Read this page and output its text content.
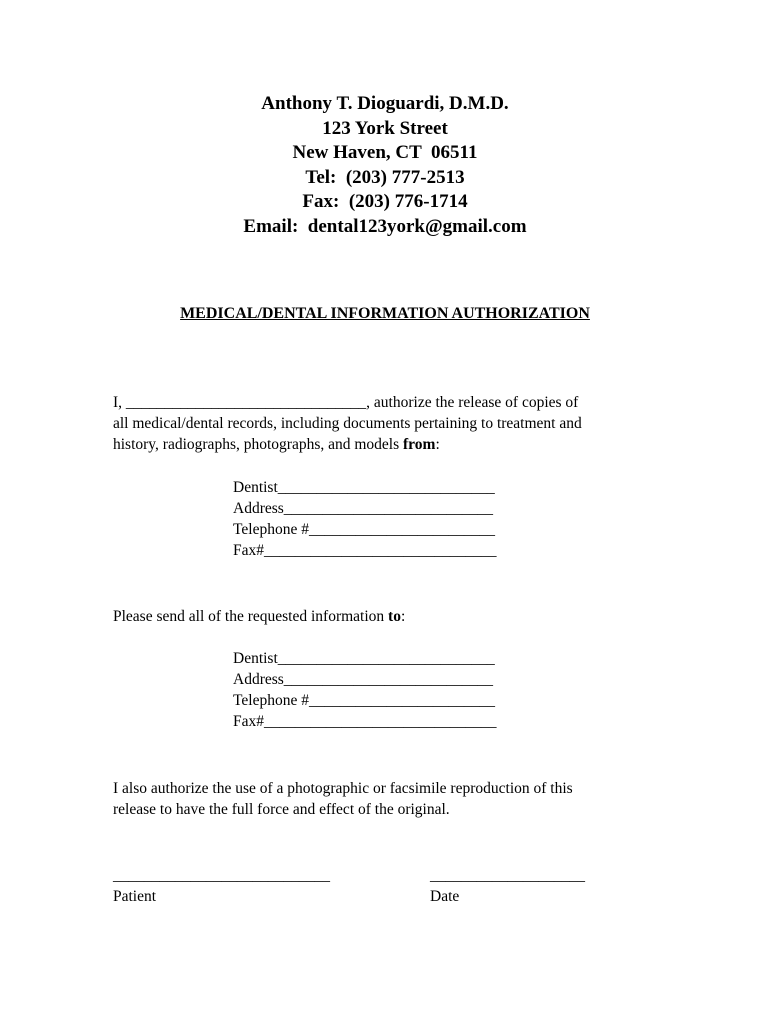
Anthony T. Dioguardi, D.M.D.
123 York Street
New Haven, CT  06511
Tel:  (203) 777-2513
Fax:  (203) 776-1714
Email:  dental123york@gmail.com
MEDICAL/DENTAL INFORMATION AUTHORIZATION
I, _______________________________, authorize the release of copies of
all medical/dental records, including documents pertaining to treatment and
history, radiographs, photographs, and models from:
Dentist____________________________
Address___________________________
Telephone #________________________
Fax#______________________________
Please send all of the requested information to:
Dentist____________________________
Address___________________________
Telephone #________________________
Fax#______________________________
I also authorize the use of a photographic or facsimile reproduction of this
release to have the full force and effect of the original.
____________________________
Patient
____________________
Date
